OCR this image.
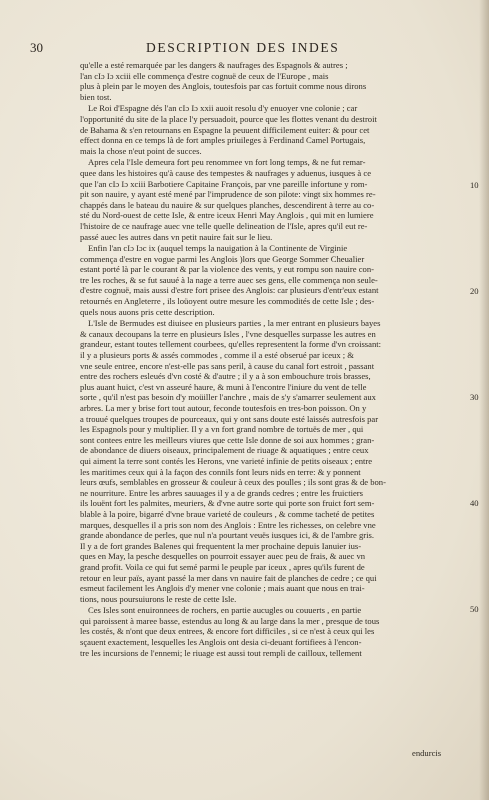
30	DESCRIPTION DES INDES
qu'elle a esté remarquée par les dangers & naufrages des Espagnols & autres ;
l'an cIɔ Iɔ xciii elle commença d'estre cognuë de ceux de l'Europe , mais
plus à plein par le moyen des Anglois, toutesfois par cas fortuit comme nous dirons
bien tost.
Le Roi d'Espagne dés l'an cIɔ Iɔ xxii auoit resolu d'y enuoyer vne colonie ; car
l'opportunité du site de la place l'y persuadoit, pource que les flottes venant du destroit
de Bahama & s'en retournans en Espagne la peuuent difficilement euiter: & pour cet
effect donna en ce temps là de fort amples priuileges à Ferdinand Camel Portugais,
mais la chose n'eut point de succes.
Apres cela l'Isle demeura fort peu renommee vn fort long temps, & ne fut remar-
quee dans les histoires qu'à cause des tempestes & naufrages y aduenus, iusques à ce
que l'an cIɔ Iɔ xciii Barbotiere Capitaine François, par vne pareille infortune y rom-
pit son nauire, y ayant esté mené par l'imprudence de son pilote: vingt six hommes re-
chappés dans le bateau du nauire & sur quelques planches, descendirent à terre au co-
sté du Nord-ouest de cette Isle, & entre iceux Henri May Anglois , qui mit en lumiere
l'histoire de ce naufrage auec vne telle quelle delineation de l'Isle, apres qu'il eut re-
passé auec les autres dans vn petit nauire fait sur le lieu.
Enfin l'an cIɔ Iɔc ix (auquel temps la nauigation à la Continente de Virginie
commença d'estre en vogue parmi les Anglois )lors que George Sommer Cheualier
estant porté là par le courant & par la violence des vents, y eut rompu son nauire con-
tre les roches, & se fut sauué à la nage a terre auec ses gens, elle commença non seule-
d'estre cognuë, mais aussi d'estre fort prisee des Anglois: car plusieurs d'entr'eux estant
retournés en Angleterre , ils loüoyent outre mesure les commodités de cette Isle ; des-
quels nous auons pris cette description.
L'Isle de Bermudes est diuisee en plusieurs parties , la mer entrant en plusieurs bayes
& canaux decoupans la terre en plusieurs Isles , l'vne desquelles surpasse les autres en
grandeur, estant toutes tellement courbees, qu'elles representent la forme d'vn croissant:
il y a plusieurs ports & assés commodes , comme il a esté obserué par iceux ; &
vne seule entree, encore n'est-elle pas sans peril, à cause du canal fort estroit , passant
entre des rochers esleués d'vn costé & d'autre ; il y a à son embouchure trois brasses,
plus auant huict, c'est vn asseuré haure, & muni à l'encontre l'iniure du vent de telle
sorte , qu'il n'est pas besoin d'y moüiller l'anchre , mais de s'y s'amarrer seulement aux
arbres. La mer y brise fort tout autour, feconde toutesfois en tres-bon poisson. On y
a trouué quelques troupes de pourceaux, qui y ont sans doute esté laissés autresfois par
les Espagnols pour y multiplier. Il y a vn fort grand nombre de tortuës de mer , qui
sont contees entre les meilleurs viures que cette Isle donne de soi aux hommes ; gran-
de abondance de diuers oiseaux, principalement de riuage & aquatiques ; entre ceux
qui aiment la terre sont contés les Herons, vne varieté infinie de petits oiseaux ; entre
les maritimes ceux qui à la façon des connils font leurs nids en terre: & y ponnent
leurs œufs, semblables en grosseur & couleur à ceux des poulles ; ils sont gras & de bon-
ne nourriture. Entre les arbres sauuages il y a de grands cedres ; entre les fruictiers
ils louënt fort les palmites, meuriers, & d'vne autre sorte qui porte son fruict fort sem-
blable à la poire, bigarré d'vne braue varieté de couleurs , & comme tacheté de petites
marques, desquelles il a pris son nom des Anglois : Entre les richesses, on celebre vne
grande abondance de perles, que nul n'a pourtant veuës iusques ici, & de l'ambre gris.
Il y a de fort grandes Balenes qui frequentent la mer prochaine depuis Ianuier ius-
ques en May, la pesche desquelles on pourroit essayer auec peu de frais, & auec vn
grand profit. Voila ce qui fut semé parmi le peuple par iceux , apres qu'ils furent de
retour en leur païs, ayant passé la mer dans vn nauire fait de planches de cedre ; ce qui
esmeut facilement les Anglois d'y mener vne colonie ; mais auant que nous en trai-
tions, nous poursuiurons le reste de cette Isle.
Ces Isles sont enuironnees de rochers, en partie aucugles ou couuerts , en partie
qui paroissent à maree basse, estendus au long & au large dans la mer , presque de tous
les costés, & n'ont que deux entrees, & encore fort difficiles , si ce n'est à ceux qui les
sçauent exactement, lesquelles les Anglois ont desia ci-deuant fortifiees à l'encon-
tre les incursions de l'ennemi; le riuage est aussi tout rempli de cailloux, tellement
10
20
30
40
50
endurcis
